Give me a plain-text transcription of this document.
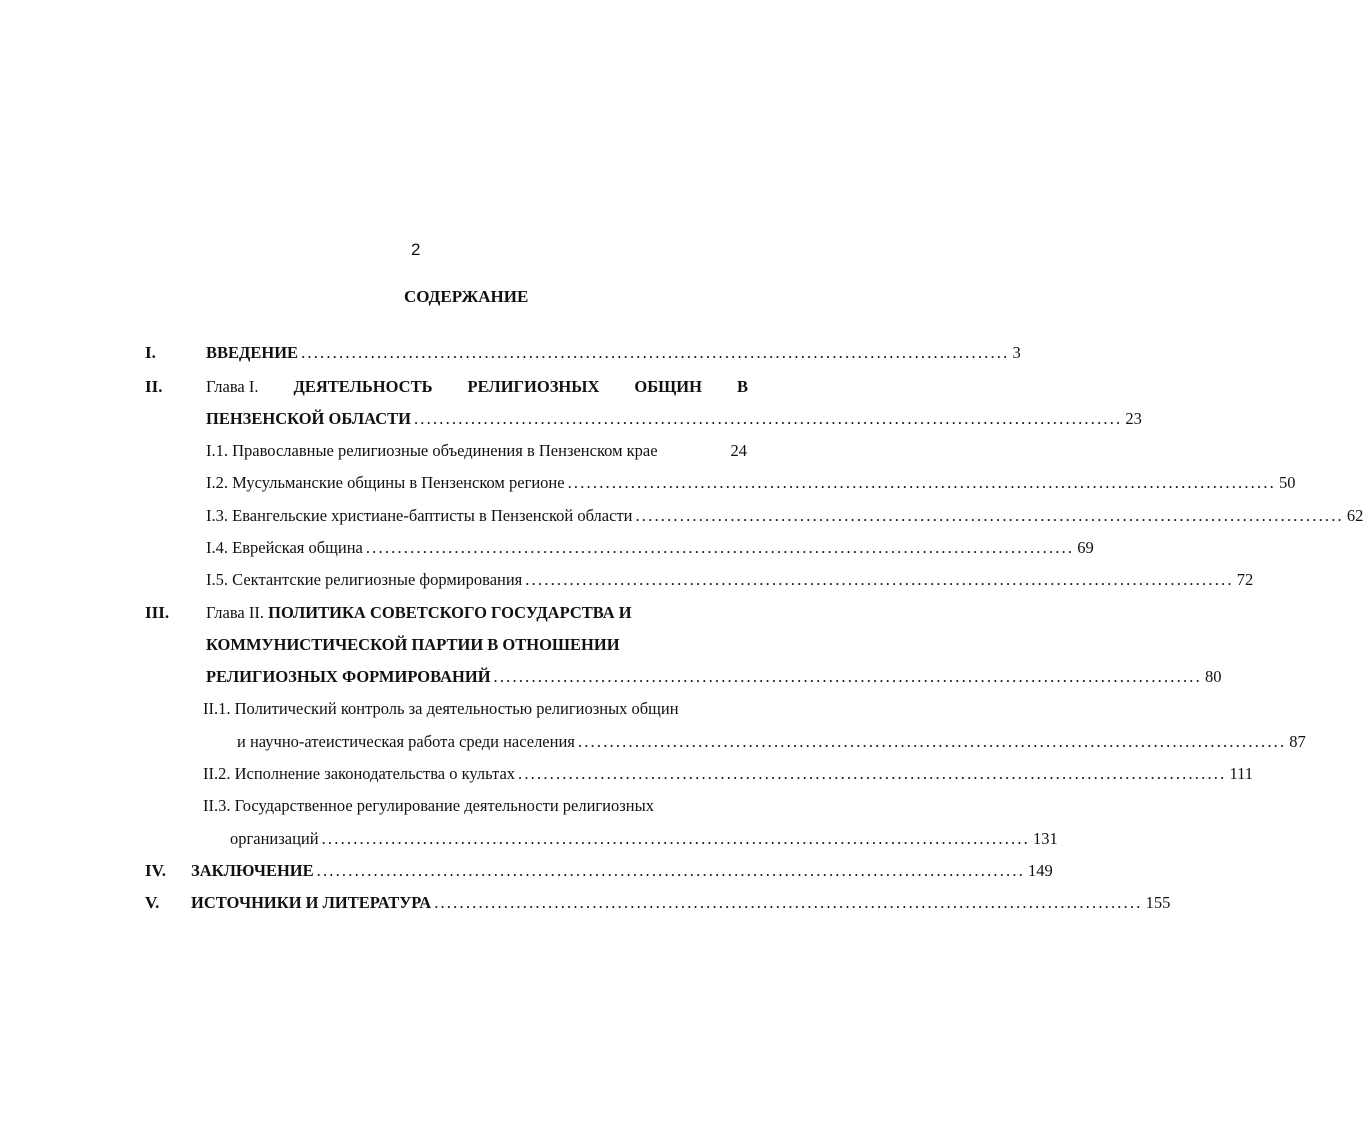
2
СОДЕРЖАНИЕ
I.	ВВЕДЕНИЕ ................................................................................................................ 3
II.	Глава I. ДЕЯТЕЛЬНОСТЬ РЕЛИГИОЗНЫХ ОБЩИН В
ПЕНЗЕНСКОЙ ОБЛАСТИ ................................................................................................................ 23
I.1. Православные религиозные объединения в Пензенском крае	24
I.2. Мусульманские общины в Пензенском регионе ................................................................................................................ 50
I.3. Евангельские христиане-баптисты в Пензенской области ................................................................................................................ 62
I.4. Еврейская община ................................................................................................................ 69
I.5. Сектантские религиозные формирования ................................................................................................................ 72
III. Глава II. ПОЛИТИКА СОВЕТСКОГО ГОСУДАРСТВА И
КОММУНИСТИЧЕСКОЙ ПАРТИИ В ОТНОШЕНИИ
РЕЛИГИОЗНЫХ ФОРМИРОВАНИЙ ................................................................................................................ 80
II.1. Политический контроль за деятельностью религиозных общин
и научно-атеистическая работа среди населения ................................................................................................................ 87
II.2. Исполнение законодательства о культах ................................................................................................................ 111
II.3. Государственное регулирование деятельности религиозных
организаций ................................................................................................................ 131
IV. ЗАКЛЮЧЕНИЕ ................................................................................................................ 149
V. ИСТОЧНИКИ И ЛИТЕРАТУРА ................................................................................................................ 155
